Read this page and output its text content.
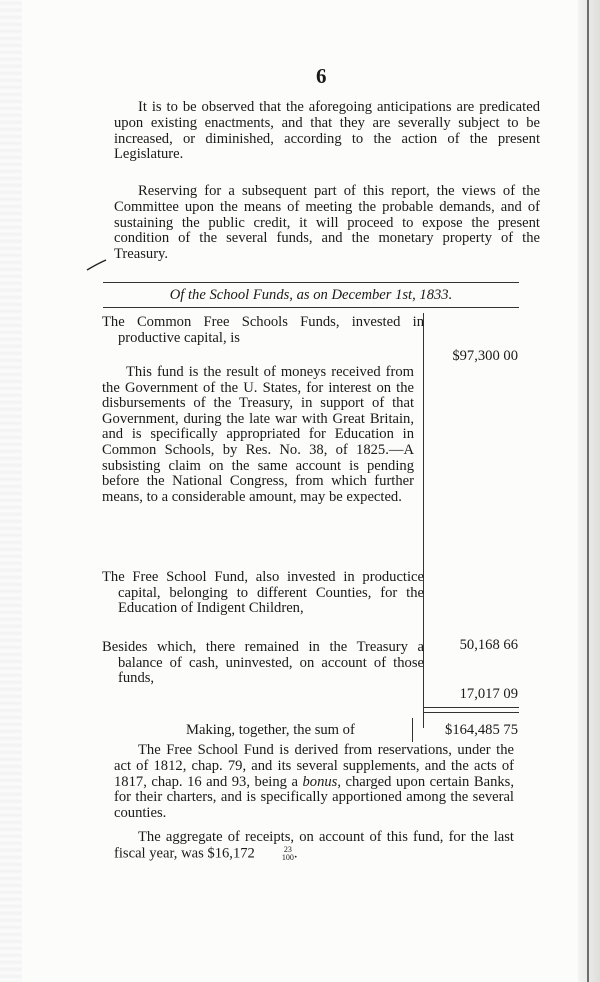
6

It is to be observed that the aforegoing anticipations are predicated upon existing enactments, and that they are severally subject to be increased, or diminished, according to the action of the present Legislature.

Reserving for a subsequent part of this report, the views of the Committee upon the means of meeting the probable demands, and of sustaining the public credit, it will proceed to expose the present condition of the several funds, and the monetary property of the Treasury.

Of the School Funds, as on December 1st, 1833.

The Common Free Schools Funds, invested in productive capital, is

$97,300 00

This fund is the result of moneys received from the Government of the U. States, for interest on the disbursements of the Treasury, in support of that Government, during the late war with Great Britain, and is specifically appropriated for Education in Common Schools, by Res. No. 38, of 1825.—A subsisting claim on the same account is pending before the National Congress, from which further means, to a considerable amount, may be expected.

The Free School Fund, also invested in productice capital, belonging to different Counties, for the Education of Indigent Children,

50,168 66

Besides which, there remained in the Treasury a balance of cash, uninvested, on account of those funds,

17,017 09
Making, together, the sum of	$164,485 75

The Free School Fund is derived from reservations, under the act of 1812, chap. 79, and its several supplements, and the acts of 1817, chap. 16 and 93, being a bonus, charged upon certain Banks, for their charters, and is specifically apportioned among the several counties.

The aggregate of receipts, on account of this fund, for the last fiscal year, was $16,172	23
100 .
